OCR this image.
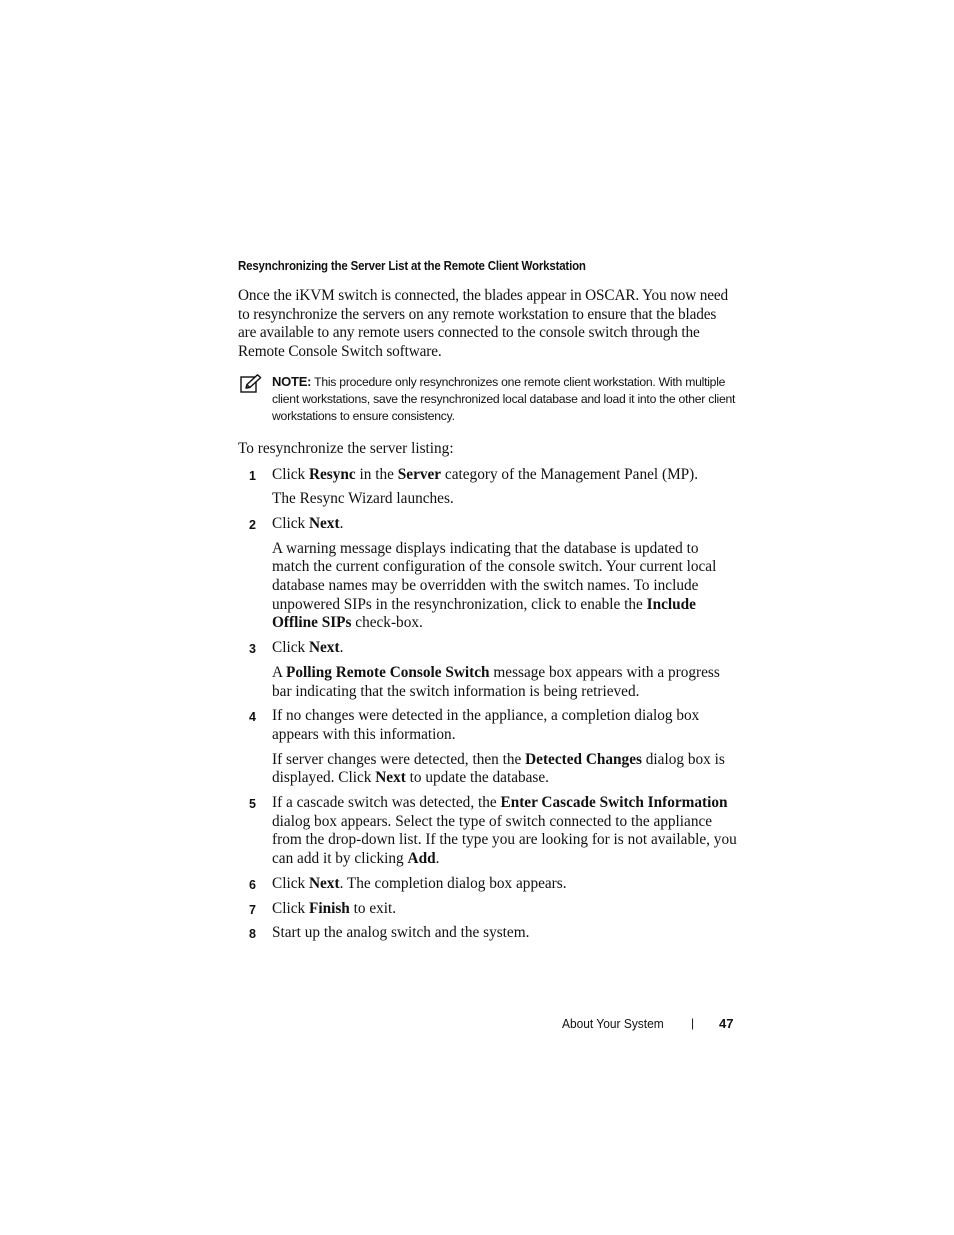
Resynchronizing the Server List at the Remote Client Workstation

Once the iKVM switch is connected, the blades appear in OSCAR. You now need to resynchronize the servers on any remote workstation to ensure that the blades are available to any remote users connected to the console switch through the Remote Console Switch software.

NOTE: This procedure only resynchronizes one remote client workstation. With multiple client workstations, save the resynchronized local database and load it into the other client workstations to ensure consistency.

To resynchronize the server listing:

1 Click Resync in the Server category of the Management Panel (MP).

The Resync Wizard launches.

2 Click Next.

A warning message displays indicating that the database is updated to match the current configuration of the console switch. Your current local database names may be overridden with the switch names. To include unpowered SIPs in the resynchronization, click to enable the Include Offline SIPs check-box.

3 Click Next.

A Polling Remote Console Switch message box appears with a progress bar indicating that the switch information is being retrieved.

4 If no changes were detected in the appliance, a completion dialog box appears with this information.

If server changes were detected, then the Detected Changes dialog box is displayed. Click Next to update the database.

5 If a cascade switch was detected, the Enter Cascade Switch Information dialog box appears. Select the type of switch connected to the appliance from the drop-down list. If the type you are looking for is not available, you can add it by clicking Add.

6 Click Next. The completion dialog box appears.

7 Click Finish to exit.

8 Start up the analog switch and the system.

About Your System | 47
